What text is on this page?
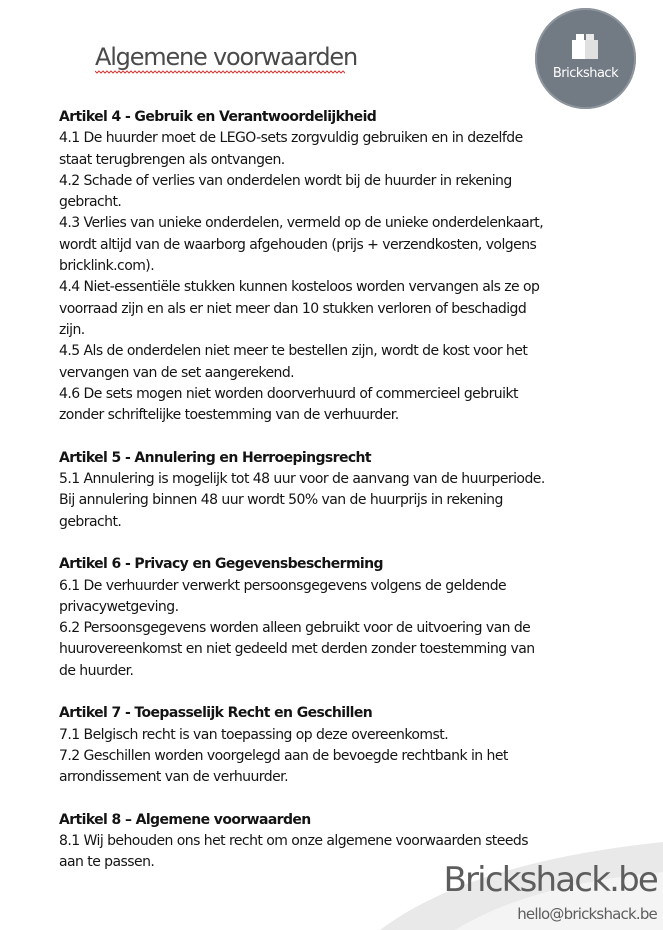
Algemene voorwaarden
Brickshack
Artikel 4 - Gebruik en Verantwoordelijkheid
4.1 De huurder moet de LEGO-sets zorgvuldig gebruiken en in dezelfde
staat terugbrengen als ontvangen.
4.2 Schade of verlies van onderdelen wordt bij de huurder in rekening
gebracht.
4.3 Verlies van unieke onderdelen, vermeld op de unieke onderdelenkaart,
wordt altijd van de waarborg afgehouden (prijs + verzendkosten, volgens
bricklink.com).
4.4 Niet-essentiële stukken kunnen kosteloos worden vervangen als ze op
voorraad zijn en als er niet meer dan 10 stukken verloren of beschadigd
zijn.
4.5 Als de onderdelen niet meer te bestellen zijn, wordt de kost voor het
vervangen van de set aangerekend.
4.6 De sets mogen niet worden doorverhuurd of commercieel gebruikt
zonder schriftelijke toestemming van de verhuurder.
Artikel 5 - Annulering en Herroepingsrecht
5.1 Annulering is mogelijk tot 48 uur voor de aanvang van de huurperiode.
Bij annulering binnen 48 uur wordt 50% van de huurprijs in rekening
gebracht.
Artikel 6 - Privacy en Gegevensbescherming
6.1 De verhuurder verwerkt persoonsgegevens volgens de geldende
privacywetgeving.
6.2 Persoonsgegevens worden alleen gebruikt voor de uitvoering van de
huurovereenkomst en niet gedeeld met derden zonder toestemming van
de huurder.
Artikel 7 - Toepasselijk Recht en Geschillen
7.1 Belgisch recht is van toepassing op deze overeenkomst.
7.2 Geschillen worden voorgelegd aan de bevoegde rechtbank in het
arrondissement van de verhuurder.
Artikel 8 – Algemene voorwaarden
8.1 Wij behouden ons het recht om onze algemene voorwaarden steeds
aan te passen.	Brickshack.be
hello@brickshack.be
